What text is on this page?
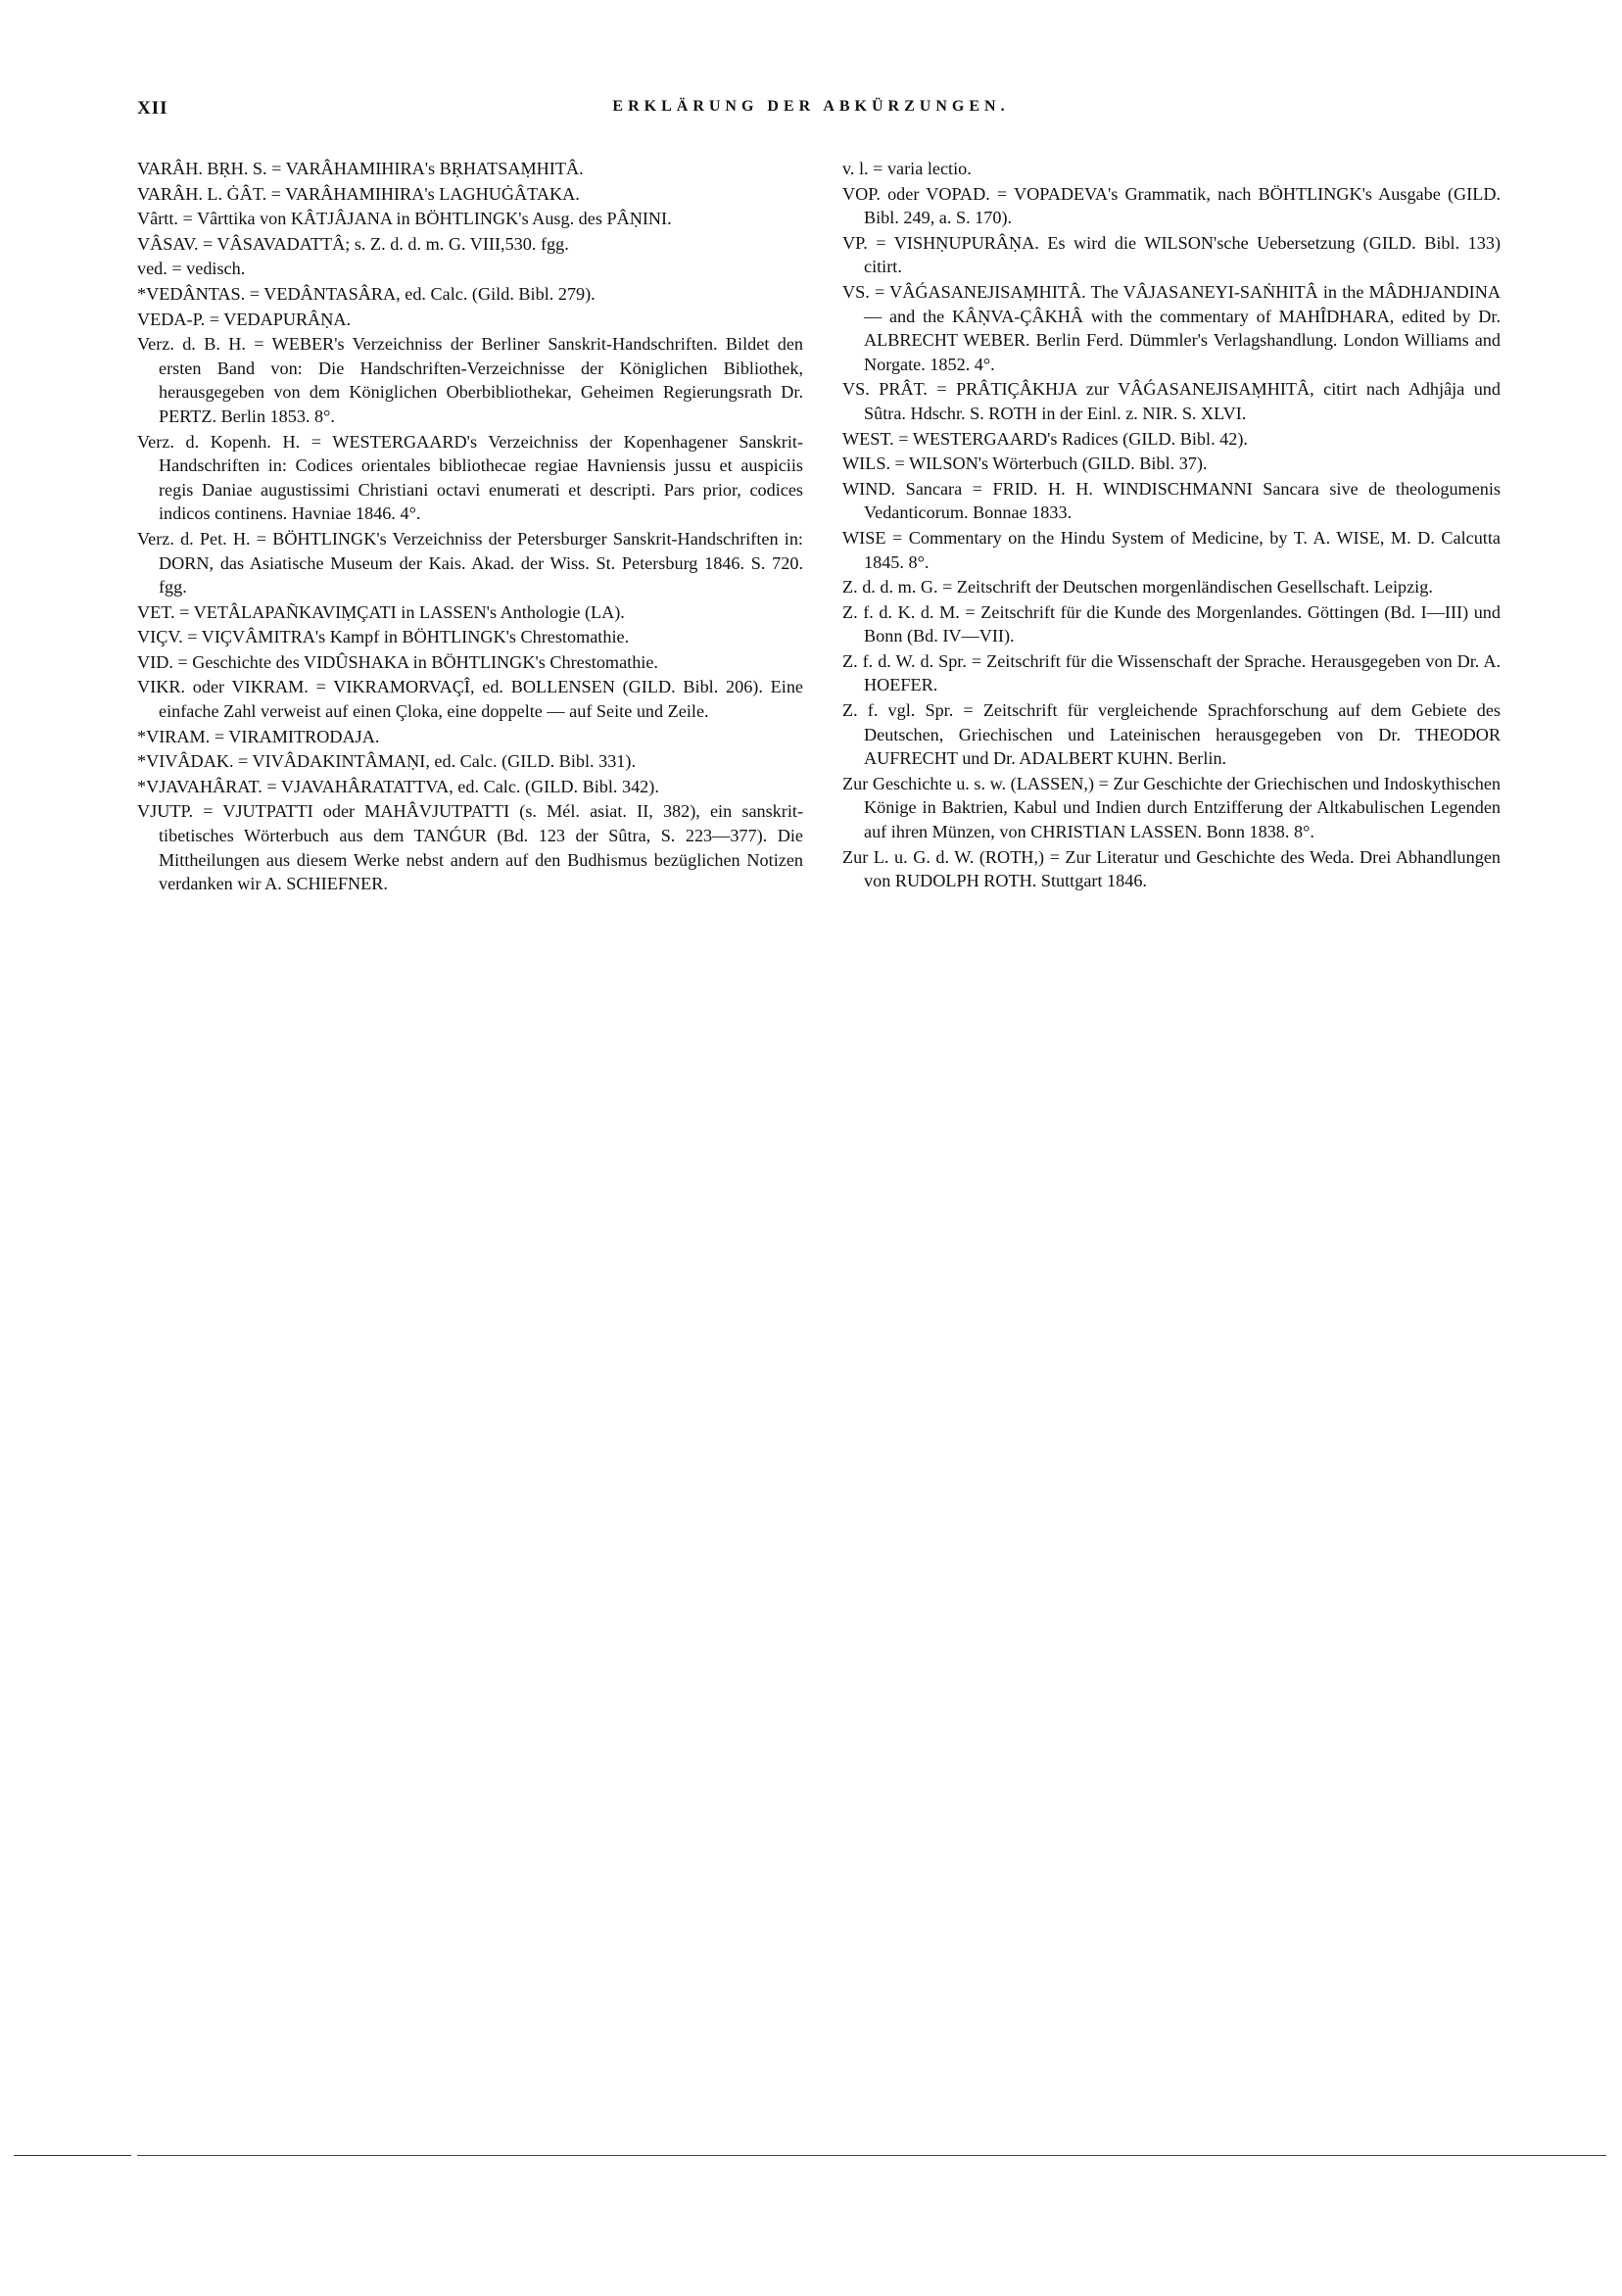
XII	ERKLÄRUNG DER ABKÜRZUNGEN.

VARÂH. BṚH. S. = VARÂHAMIHIRA's BṚHATSAṂHITÂ.

VARÂH. L. ĠÂT. = VARÂHAMIHIRA's LAGHUĠÂTAKA.

Vârtt. = Vârttika von KÂTJÂJANA in BÖHTLINGK's Ausg. des PÂṆINI.

VÂSAV. = VÂSAVADATTÂ; s. Z. d. d. m. G. VIII,530. fgg.

ved. = vedisch.

*VEDÂNTAS. = VEDÂNTASÂRA, ed. Calc. (Gild. Bibl. 279).

VEDA-P. = VEDAPURÂṆA.

Verz. d. B. H. = WEBER's Verzeichniss der Berliner Sanskrit-Handschriften. Bildet den ersten Band von: Die Handschriften-Verzeichnisse der Königlichen Bibliothek, herausgegeben von dem Königlichen Oberbibliothekar, Geheimen Regierungsrath Dr. PERTZ. Berlin 1853. 8°.

Verz. d. Kopenh. H. = WESTERGAARD's Verzeichniss der Kopenhagener Sanskrit-Handschriften in: Codices orientales bibliothecae regiae Havniensis jussu et auspiciis regis Daniae augustissimi Christiani octavi enumerati et descripti. Pars prior, codices indicos continens. Havniae 1846. 4°.

Verz. d. Pet. H. = BÖHTLINGK's Verzeichniss der Petersburger Sanskrit-Handschriften in: DORN, das Asiatische Museum der Kais. Akad. der Wiss. St. Petersburg 1846. S. 720. fgg.

VET. = VETÂLAPAÑKAVIṂÇATI in LASSEN's Anthologie (LA).

VIÇV. = VIÇVÂMITRA's Kampf in BÖHTLINGK's Chrestomathie.

VID. = Geschichte des VIDÛSHAKA in BÖHTLINGK's Chrestomathie.

VIKR. oder VIKRAM. = VIKRAMORVAÇÎ, ed. BOLLENSEN (GILD. Bibl. 206). Eine einfache Zahl verweist auf einen Çloka, eine doppelte — auf Seite und Zeile.

*VIRAM. = VIRAMITRODAJA.

*VIVÂDAK. = VIVÂDAKINTÂMAṆI, ed. Calc. (GILD. Bibl. 331).

*VJAVAHÂRAT. = VJAVAHÂRATATTVA, ed. Calc. (GILD. Bibl. 342).

VJUTP. = VJUTPATTI oder MAHÂVJUTPATTI (s. Mél. asiat. II, 382), ein sanskrit-tibetisches Wörterbuch aus dem TANǴUR (Bd. 123 der Sûtra, S. 223—377). Die Mittheilungen aus diesem Werke nebst andern auf den Budhismus bezüglichen Notizen verdanken wir A. SCHIEFNER.

v. l. = varia lectio.

VOP. oder VOPAD. = VOPADEVA's Grammatik, nach BÖHTLINGK's Ausgabe (GILD. Bibl. 249, a. S. 170).

VP. = VISHṆUPURÂṆA. Es wird die WILSON'sche Uebersetzung (GILD. Bibl. 133) citirt.

VS. = VÂǴASANEJISAṂHITÂ. The VÂJASANEYI-SAṄHITÂ in the MÂDHJANDINA — and the KÂṆVA-ÇÂKHÂ with the commentary of MAHÎDHARA, edited by Dr. ALBRECHT WEBER. Berlin Ferd. Dümmler's Verlagshandlung. London Williams and Norgate. 1852. 4°.

VS. PRÂT. = PRÂTIÇÂKHJA zur VÂǴASANEJISAṂHITÂ, citirt nach Adhjâja und Sûtra. Hdschr. S. ROTH in der Einl. z. NIR. S. XLVI.

WEST. = WESTERGAARD's Radices (GILD. Bibl. 42).

WILS. = WILSON's Wörterbuch (GILD. Bibl. 37).

WIND. Sancara = FRID. H. H. WINDISCHMANNI Sancara sive de theologumenis Vedanticorum. Bonnae 1833.

WISE = Commentary on the Hindu System of Medicine, by T. A. WISE, M. D. Calcutta 1845. 8°.

Z. d. d. m. G. = Zeitschrift der Deutschen morgenländischen Gesellschaft. Leipzig.

Z. f. d. K. d. M. = Zeitschrift für die Kunde des Morgenlandes. Göttingen (Bd. I—III) und Bonn (Bd. IV—VII).

Z. f. d. W. d. Spr. = Zeitschrift für die Wissenschaft der Sprache. Herausgegeben von Dr. A. HOEFER.

Z. f. vgl. Spr. = Zeitschrift für vergleichende Sprachforschung auf dem Gebiete des Deutschen, Griechischen und Lateinischen herausgegeben von Dr. THEODOR AUFRECHT und Dr. ADALBERT KUHN. Berlin.

Zur Geschichte u. s. w. (LASSEN,) = Zur Geschichte der Griechischen und Indoskythischen Könige in Baktrien, Kabul und Indien durch Entzifferung der Altkabulischen Legenden auf ihren Münzen, von CHRISTIAN LASSEN. Bonn 1838. 8°.

Zur L. u. G. d. W. (ROTH,) = Zur Literatur und Geschichte des Weda. Drei Abhandlungen von RUDOLPH ROTH. Stuttgart 1846.
